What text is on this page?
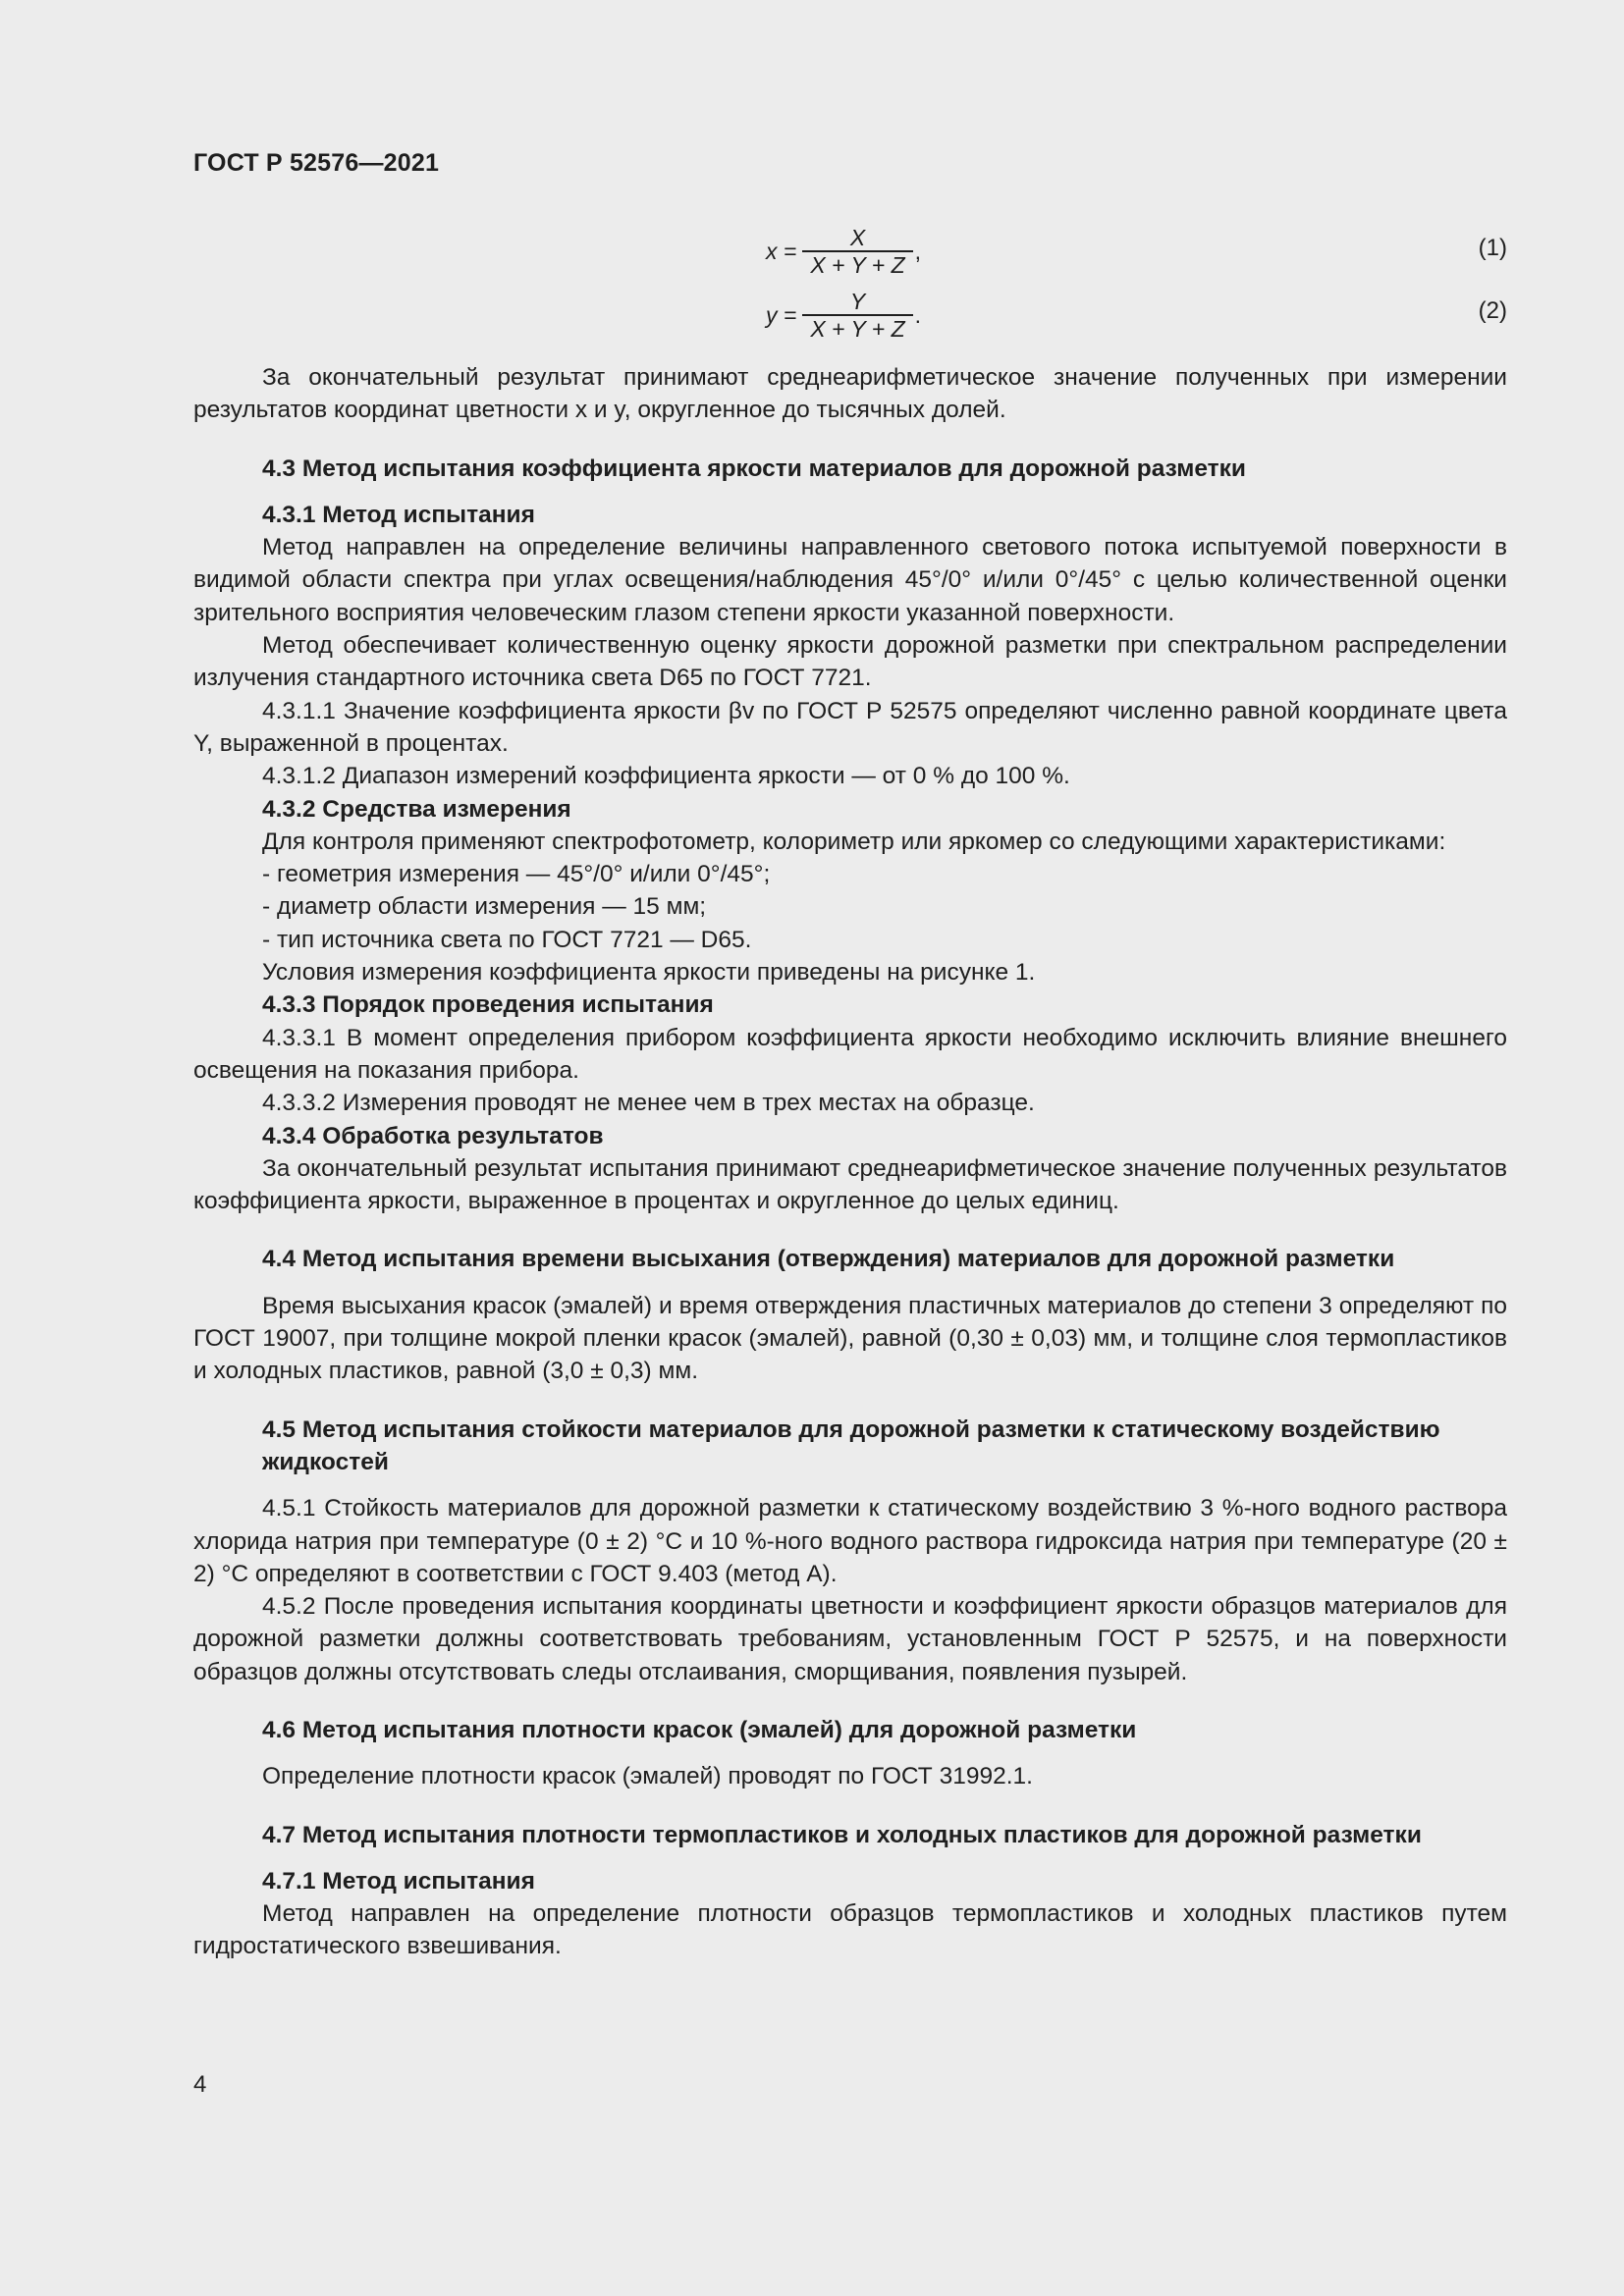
ГОСТ Р 52576—2021
$x = \frac{X}{X + Y + Z}$ ,	(1)
$y = \frac{Y}{X + Y + Z}$ .	(2)

За окончательный результат принимают среднеарифметическое значение полученных при измерении результатов координат цветности x и y, округленное до тысячных долей.

4.3 Метод испытания коэффициента яркости материалов для дорожной разметки

4.3.1 Метод испытания

Метод направлен на определение величины направленного светового потока испытуемой поверхности в видимой области спектра при углах освещения/наблюдения 45°/0° и/или 0°/45° с целью количественной оценки зрительного восприятия человеческим глазом степени яркости указанной поверхности.

Метод обеспечивает количественную оценку яркости дорожной разметки при спектральном распределении излучения стандартного источника света D65 по ГОСТ 7721.

4.3.1.1 Значение коэффициента яркости βv по ГОСТ Р 52575 определяют численно равной координате цвета Y, выраженной в процентах.

4.3.1.2 Диапазон измерений коэффициента яркости — от 0 % до 100 %.

4.3.2 Средства измерения

Для контроля применяют спектрофотометр, колориметр или яркомер со следующими характеристиками:

- геометрия измерения — 45°/0° и/или 0°/45°;

- диаметр области измерения — 15 мм;

- тип источника света по ГОСТ 7721 — D65.

Условия измерения коэффициента яркости приведены на рисунке 1.

4.3.3 Порядок проведения испытания

4.3.3.1 В момент определения прибором коэффициента яркости необходимо исключить влияние внешнего освещения на показания прибора.

4.3.3.2 Измерения проводят не менее чем в трех местах на образце.

4.3.4 Обработка результатов

За окончательный результат испытания принимают среднеарифметическое значение полученных результатов коэффициента яркости, выраженное в процентах и округленное до целых единиц.

4.4 Метод испытания времени высыхания (отверждения) материалов для дорожной разметки

Время высыхания красок (эмалей) и время отверждения пластичных материалов до степени 3 определяют по ГОСТ 19007, при толщине мокрой пленки красок (эмалей), равной (0,30 ± 0,03) мм, и толщине слоя термопластиков и холодных пластиков, равной (3,0 ± 0,3) мм.

4.5 Метод испытания стойкости материалов для дорожной разметки к статическому воздействию жидкостей

4.5.1 Стойкость материалов для дорожной разметки к статическому воздействию 3 %-ного водного раствора хлорида натрия при температуре (0 ± 2) °С и 10 %-ного водного раствора гидроксида натрия при температуре (20 ± 2) °С определяют в соответствии с ГОСТ 9.403 (метод А).

4.5.2 После проведения испытания координаты цветности и коэффициент яркости образцов материалов для дорожной разметки должны соответствовать требованиям, установленным ГОСТ Р 52575, и на поверхности образцов должны отсутствовать следы отслаивания, сморщивания, появления пузырей.

4.6 Метод испытания плотности красок (эмалей) для дорожной разметки

Определение плотности красок (эмалей) проводят по ГОСТ 31992.1.

4.7 Метод испытания плотности термопластиков и холодных пластиков для дорожной разметки

4.7.1 Метод испытания

Метод направлен на определение плотности образцов термопластиков и холодных пластиков путем гидростатического взвешивания.

4
